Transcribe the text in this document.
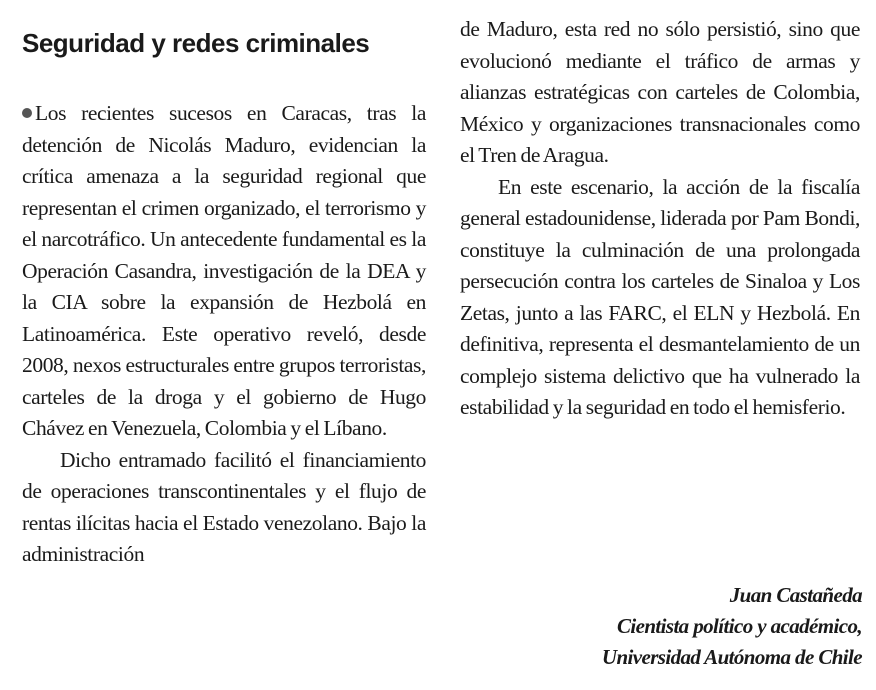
Seguridad y redes criminales

Los recientes sucesos en Caracas, tras la detención de Nicolás Maduro, evidencian la crítica amenaza a la seguridad regional que representan el crimen organizado, el terrorismo y el narcotráfico. Un antecedente fundamental es la Operación Casandra, investigación de la DEA y la CIA sobre la expansión de Hezbolá en Latinoamérica. Este operativo reveló, desde 2008, nexos estructurales entre grupos terroristas, carteles de la droga y el gobierno de Hugo Chávez en Venezuela, Colombia y el Líbano.

Dicho entramado facilitó el financiamiento de operaciones transcontinentales y el flujo de rentas ilícitas hacia el Estado venezolano. Bajo la administración

de Maduro, esta red no sólo persistió, sino que evolucionó mediante el tráfico de armas y alianzas estratégicas con carteles de Colombia, México y organizaciones transnacionales como el Tren de Aragua.

En este escenario, la acción de la fiscalía general estadounidense, liderada por Pam Bondi, constituye la culminación de una prolongada persecución contra los carteles de Sinaloa y Los Zetas, junto a las FARC, el ELN y Hezbolá. En definitiva, representa el desmantelamiento de un complejo sistema delictivo que ha vulnerado la estabilidad y la seguridad en todo el hemisferio.

Juan Castañeda
Cientista político y académico,
Universidad Autónoma de Chile
